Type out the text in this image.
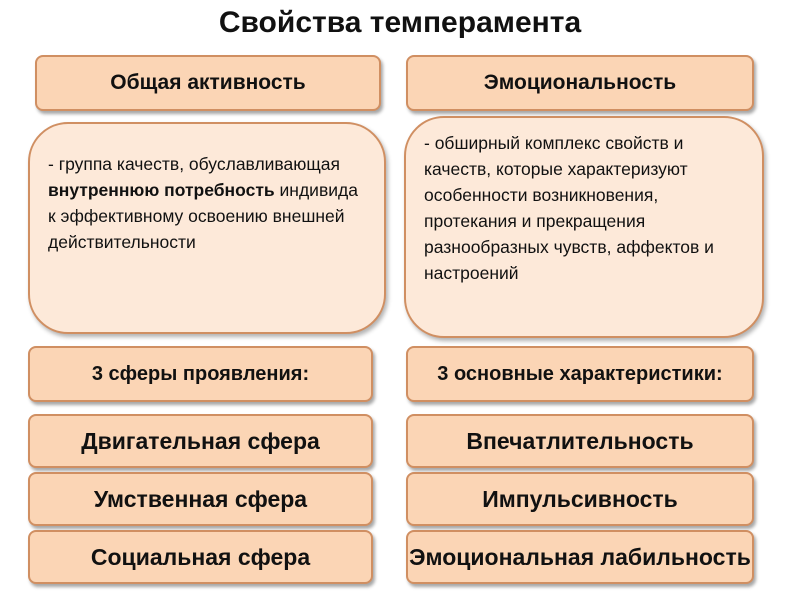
Свойства темперамента
Общая активность
- группа качеств, обуславливающая внутреннюю потребность индивида к эффективному освоению внешней действительности
3 сферы проявления:
Двигательная сфера
Умственная сфера
Социальная сфера
Эмоциональность
- обширный комплекс свойств и качеств, которые характеризуют особенности возникновения, протекания и прекращения разнообразных чувств, аффектов и настроений
3 основные характеристики:
Впечатлительность
Импульсивность
Эмоциональная лабильность
